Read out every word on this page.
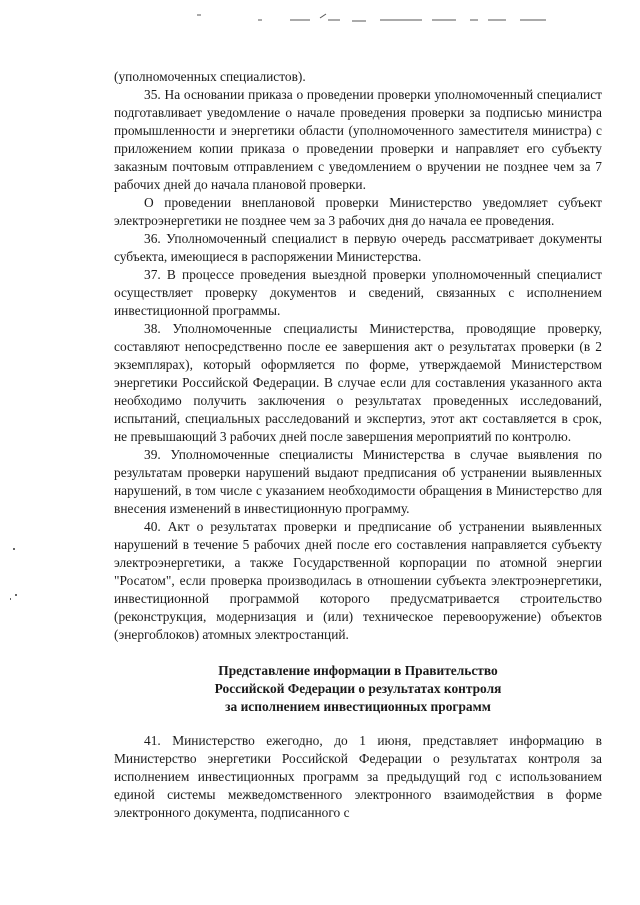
(уполномоченных специалистов).

35. На основании приказа о проведении проверки уполномоченный специалист подготавливает уведомление о начале проведения проверки за подписью министра промышленности и энергетики области (уполномоченного заместителя министра) с приложением копии приказа о проведении проверки и направляет его субъекту заказным почтовым отправлением с уведомлением о вручении не позднее чем за 7 рабочих дней до начала плановой проверки.

О проведении внеплановой проверки Министерство уведомляет субъект электроэнергетики не позднее чем за 3 рабочих дня до начала ее проведения.

36. Уполномоченный специалист в первую очередь рассматривает документы субъекта, имеющиеся в распоряжении Министерства.

37. В процессе проведения выездной проверки уполномоченный специалист осуществляет проверку документов и сведений, связанных с исполнением инвестиционной программы.

38. Уполномоченные специалисты Министерства, проводящие проверку, составляют непосредственно после ее завершения акт о результатах проверки (в 2 экземплярах), который оформляется по форме, утверждаемой Министерством энергетики Российской Федерации. В случае если для составления указанного акта необходимо получить заключения о результатах проведенных исследований, испытаний, специальных расследований и экспертиз, этот акт составляется в срок, не превышающий 3 рабочих дней после завершения мероприятий по контролю.

39. Уполномоченные специалисты Министерства в случае выявления по результатам проверки нарушений выдают предписания об устранении выявленных нарушений, в том числе с указанием необходимости обращения в Министерство для внесения изменений в инвестиционную программу.

40. Акт о результатах проверки и предписание об устранении выявленных нарушений в течение 5 рабочих дней после его составления направляется субъекту электроэнергетики, а также Государственной корпорации по атомной энергии "Росатом", если проверка производилась в отношении субъекта электроэнергетики, инвестиционной программой которого предусматривается строительство (реконструкция, модернизация и (или) техническое перевооружение) объектов (энергоблоков) атомных электростанций.

Представление информации в Правительство
Российской Федерации о результатах контроля
за исполнением инвестиционных программ

41. Министерство ежегодно, до 1 июня, представляет информацию в Министерство энергетики Российской Федерации о результатах контроля за исполнением инвестиционных программ за предыдущий год с использованием единой системы межведомственного электронного взаимодействия в форме электронного документа, подписанного с
